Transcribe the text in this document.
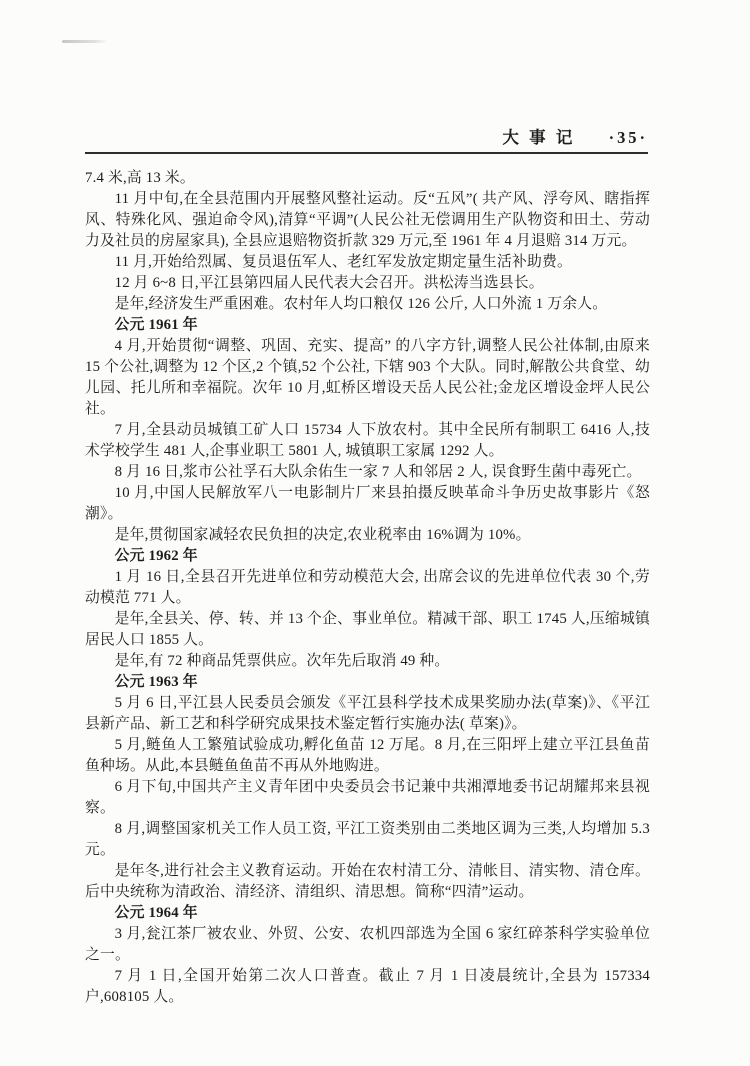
大事记 ·35·

7.4 米,高 13 米。

11 月中旬,在全县范围内开展整风整社运动。反“五风”( 共产风、浮夸风、瞎指挥风、特殊化风、强迫命令风),清算“平调”(人民公社无偿调用生产队物资和田土、劳动力及社员的房屋家具), 全县应退赔物资折款 329 万元,至 1961 年 4 月退赔 314 万元。

11 月,开始给烈属、复员退伍军人、老红军发放定期定量生活补助费。

12 月 6~8 日,平江县第四届人民代表大会召开。洪松涛当选县长。

是年,经济发生严重困难。农村年人均口粮仅 126 公斤, 人口外流 1 万余人。

公元 1961 年

4 月,开始贯彻“调整、巩固、充实、提高” 的八字方针,调整人民公社体制,由原来 15 个公社,调整为 12 个区,2 个镇,52 个公社, 下辖 903 个大队。同时,解散公共食堂、幼儿园、托儿所和幸福院。次年 10 月,虹桥区增设天岳人民公社;金龙区增设金坪人民公社。

7 月,全县动员城镇工矿人口 15734 人下放农村。其中全民所有制职工 6416 人,技术学校学生 481 人,企事业职工 5801 人, 城镇职工家属 1292 人。

8 月 16 日,浆市公社孚石大队余佑生一家 7 人和邻居 2 人, 误食野生菌中毒死亡。

10 月,中国人民解放军八一电影制片厂来县拍摄反映革命斗争历史故事影片《怒潮》。

是年,贯彻国家减轻农民负担的决定,农业税率由 16%调为 10%。

公元 1962 年

1 月 16 日,全县召开先进单位和劳动模范大会, 出席会议的先进单位代表 30 个,劳动模范 771 人。

是年,全县关、停、转、并 13 个企、事业单位。精减干部、职工 1745 人,压缩城镇居民人口 1855 人。

是年,有 72 种商品凭票供应。次年先后取消 49 种。

公元 1963 年

5 月 6 日,平江县人民委员会颁发《平江县科学技术成果奖励办法(草案)》、《平江县新产品、新工艺和科学研究成果技术鉴定暂行实施办法( 草案)》。

5 月,鲢鱼人工繁殖试验成功,孵化鱼苗 12 万尾。8 月,在三阳坪上建立平江县鱼苗鱼种场。从此,本县鲢鱼鱼苗不再从外地购进。

6 月下旬,中国共产主义青年团中央委员会书记兼中共湘潭地委书记胡耀邦来县视察。

8 月,调整国家机关工作人员工资, 平江工资类别由二类地区调为三类,人均增加 5.3 元。

是年冬,进行社会主义教育运动。开始在农村清工分、清帐目、清实物、清仓库。后中央统称为清政治、清经济、清组织、清思想。简称“四清”运动。

公元 1964 年

3 月,瓮江茶厂被农业、外贸、公安、农机四部选为全国 6 家红碎茶科学实验单位之一。

7 月 1 日,全国开始第二次人口普查。截止 7 月 1 日凌晨统计,全县为 157334 户,608105 人。
